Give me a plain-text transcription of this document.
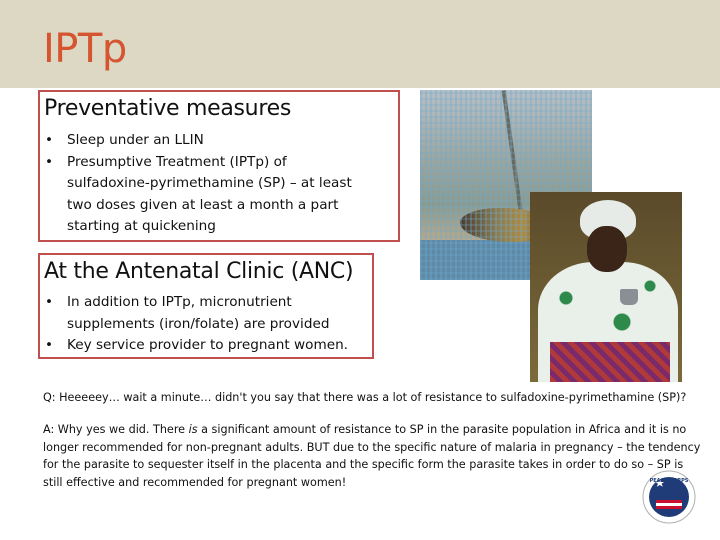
IPTp
Preventative measures
• Sleep under an LLIN
• Presumptive Treatment (IPTp) of sulfadoxine-pyrimethamine (SP) – at least two doses given at least a month a part starting at quickening
At the Antenatal Clinic (ANC)
• In addition to IPTp, micronutrient supplements (iron/folate) are provided
• Key service provider to pregnant women.

Q: Heeeeey… wait a minute… didn't you say that there was a lot of resistance to sulfadoxine-pyrimethamine (SP)?

A: Why yes we did. There is a significant amount of resistance to SP in the parasite population in Africa and it is no longer recommended for non-pregnant adults. BUT due to the specific nature of malaria in pregnancy – the tendency for the parasite to sequester itself in the placenta and the specific form the parasite takes in order to do so – SP is still effective and recommended for pregnant women!	PEACE CORPS
